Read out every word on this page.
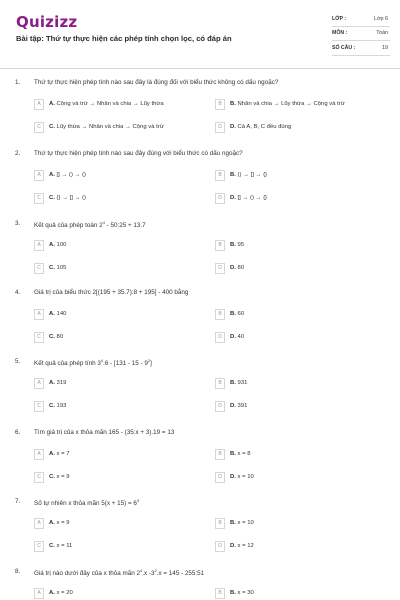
Quizizz
Bài tập: Thứ tự thực hiện các phép tính chọn lọc, có đáp án
LỚP :	Lớp 6
MÔN :	Toán
SỐ CÂU :	19
1. Thứ tự thực hiện phép tính nào sau đây là đúng đối với biểu thức không có dấu ngoặc?
A	A. Cộng và trừ → Nhân và chia → Lũy thừa	B	B. Nhân và chia → Lũy thừa → Cộng và trừ
C	C. Lũy thừa → Nhân và chia → Cộng và trừ	D	D. Cả A, B, C đều đúng
2. Thứ tự thực hiện phép tính nào sau đây đúng với biểu thức có dấu ngoặc?
A	A. [] → () → ()	B	B. () → [] → {}
C	C. {} → [] → ()	D	D. [] → () → {}
3. Kết quả của phép toán $2^4$ - 50:25 + 13.7
A	A. 100	B	B. 95
C	C. 105	D	D. 80
4. Giá trị của biểu thức 2[(195 + 35.7):8 + 195] - 400 bằng
A	A. 140	B	B. 60
C	C. 80	D	D. 40
5. Kết quả của phép tính $3^4.6 - [131 - 15 - 9^2]$
A	A. 319	B	B. 931
C	C. 193	D	D. 391
6. Tìm giá trị của x thỏa mãn 165 - (35:x + 3).19 = 13
A	A. x = 7	B	B. x = 8
C	C. x = 9	D	D. x = 10
7. Số tự nhiên x thỏa mãn $5(x + 15) = 6^3$
A	A. x = 9	B	B. x = 10
C	C. x = 11	D	D. x = 12
8. Giá trị nào dưới đây của x thỏa mãn $2^4.x$ $-3^2.x = 145$ - 255:51
A	A. x = 20	B	B. x = 30
